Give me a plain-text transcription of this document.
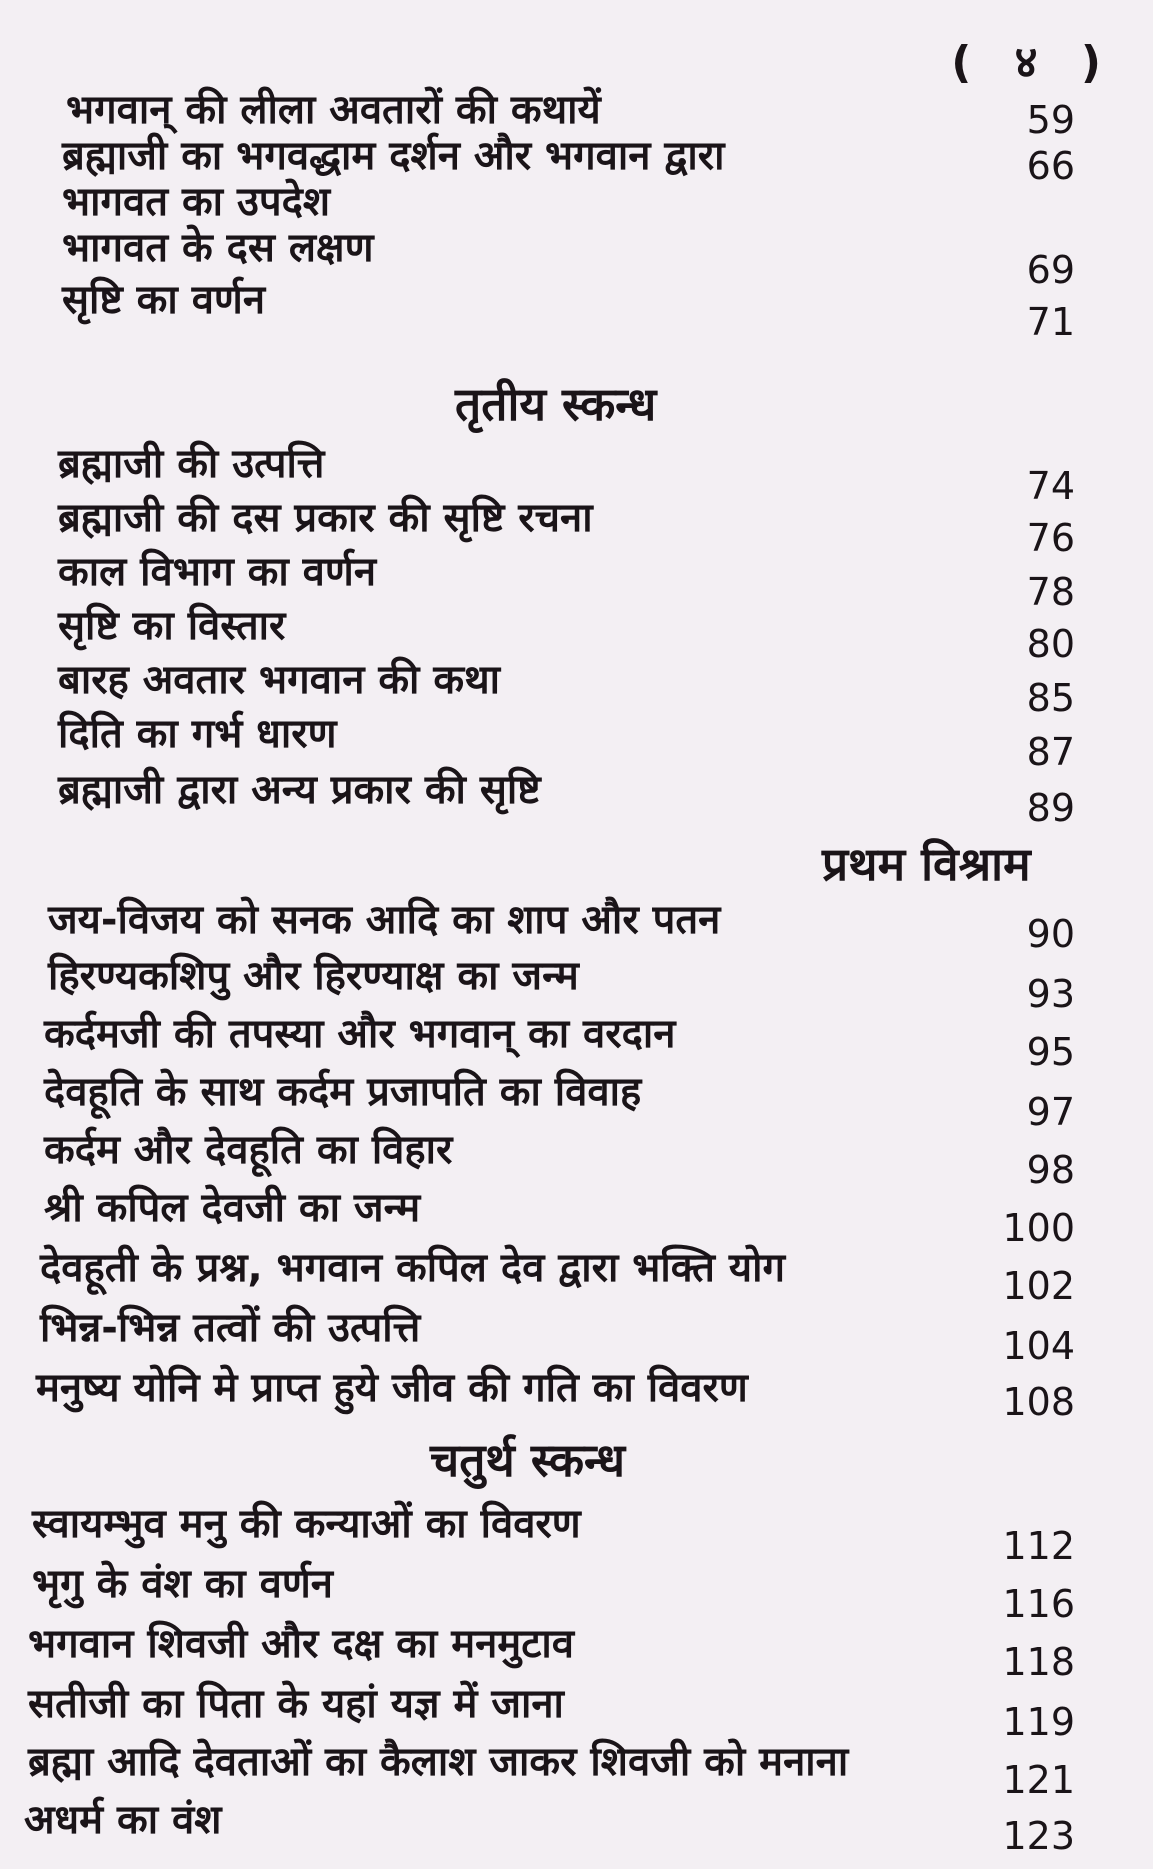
( ४ )
भगवान् की लीला अवतारों की कथायें	59
ब्रह्माजी का भगवद्धाम दर्शन और भगवान द्वारा	66
भागवत का उपदेश
भागवत के दस लक्षण	69
सृष्टि का वर्णन	71
तृतीय स्कन्ध
ब्रह्माजी की उत्पत्ति	74
ब्रह्माजी की दस प्रकार की सृष्टि रचना	76
काल विभाग का वर्णन	78
सृष्टि का विस्तार	80
बारह अवतार भगवान की कथा	85
दिति का गर्भ धारण	87
ब्रह्माजी द्वारा अन्य प्रकार की सृष्टि	89
प्रथम विश्राम
जय-विजय को सनक आदि का शाप और पतन	90
हिरण्यकशिपु और हिरण्याक्ष का जन्म	93
कर्दमजी की तपस्या और भगवान् का वरदान	95
देवहूति के साथ कर्दम प्रजापति का विवाह	97
कर्दम और देवहूति का विहार	98
श्री कपिल देवजी का जन्म	100
देवहूती के प्रश्न, भगवान कपिल देव द्वारा भक्ति योग	102
भिन्न-भिन्न तत्वों की उत्पत्ति	104
मनुष्य योनि मे प्राप्त हुये जीव की गति का विवरण	108
चतुर्थ स्कन्ध
स्वायम्भुव मनु की कन्याओं का विवरण	112
भृगु के वंश का वर्णन	116
भगवान शिवजी और दक्ष का मनमुटाव	118
सतीजी का पिता के यहां यज्ञ में जाना	119
ब्रह्मा आदि देवताओं का कैलाश जाकर शिवजी को मनाना	121
अधर्म का वंश	123
